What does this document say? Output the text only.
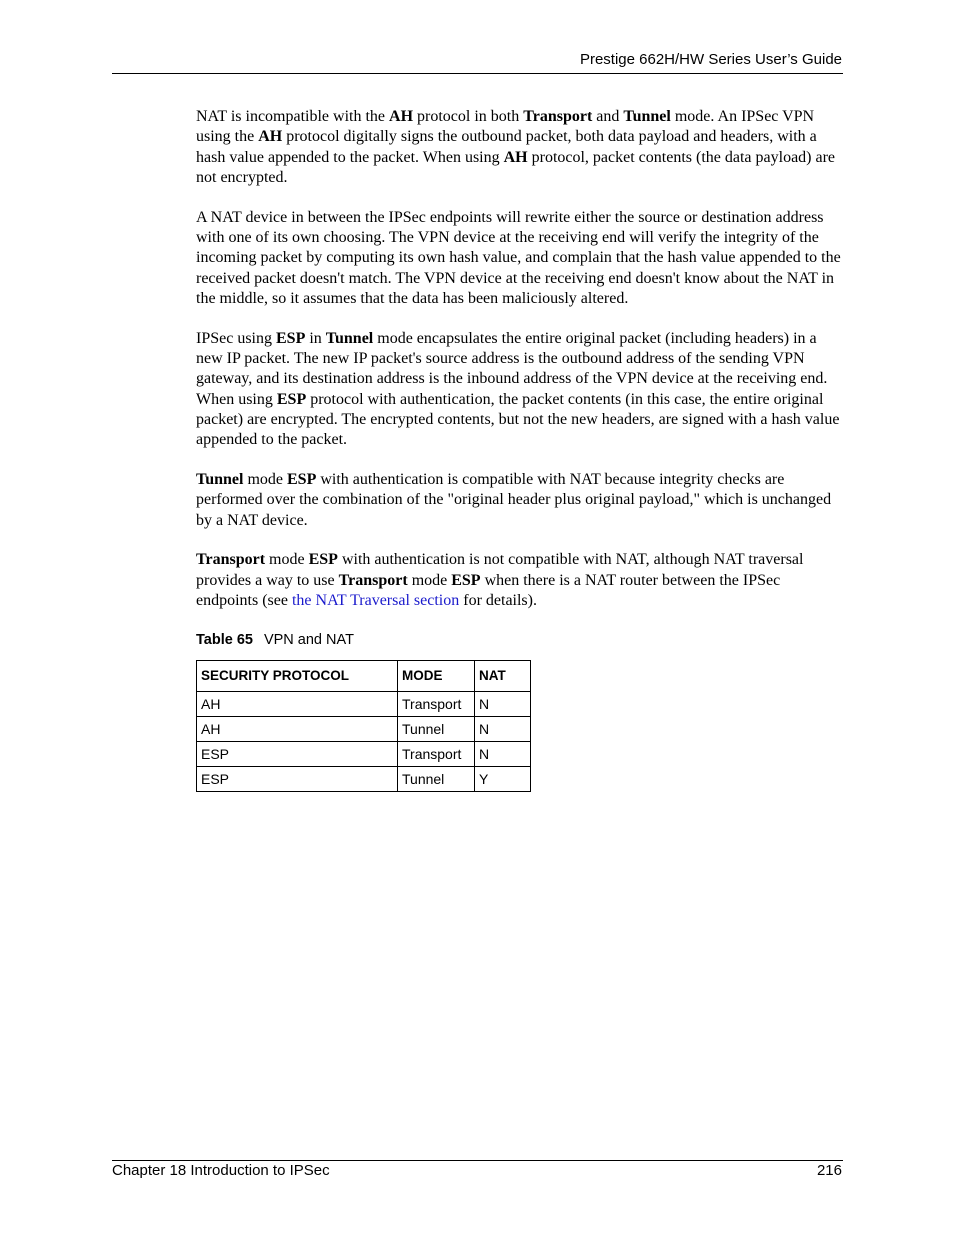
Prestige 662H/HW Series User’s Guide

NAT is incompatible with the AH protocol in both Transport and Tunnel mode. An IPSec VPN using the AH protocol digitally signs the outbound packet, both data payload and headers, with a hash value appended to the packet. When using AH protocol, packet contents (the data payload) are not encrypted.

A NAT device in between the IPSec endpoints will rewrite either the source or destination address with one of its own choosing. The VPN device at the receiving end will verify the integrity of the incoming packet by computing its own hash value, and complain that the hash value appended to the received packet doesn't match. The VPN device at the receiving end doesn't know about the NAT in the middle, so it assumes that the data has been maliciously altered.

IPSec using ESP in Tunnel mode encapsulates the entire original packet (including headers) in a new IP packet. The new IP packet's source address is the outbound address of the sending VPN gateway, and its destination address is the inbound address of the VPN device at the receiving end. When using ESP protocol with authentication, the packet contents (in this case, the entire original packet) are encrypted. The encrypted contents, but not the new headers, are signed with a hash value appended to the packet.

Tunnel mode ESP with authentication is compatible with NAT because integrity checks are performed over the combination of the "original header plus original payload," which is unchanged by a NAT device.

Transport mode ESP with authentication is not compatible with NAT, although NAT traversal provides a way to use Transport mode ESP when there is a NAT router between the IPSec endpoints (see the NAT Traversal section for details).

Table 65 VPN and NAT
SECURITY PROTOCOL	MODE	NAT
AH	Transport	N
AH	Tunnel	N
ESP	Transport	N
ESP	Tunnel	Y
Chapter 18 Introduction to IPSec	216
